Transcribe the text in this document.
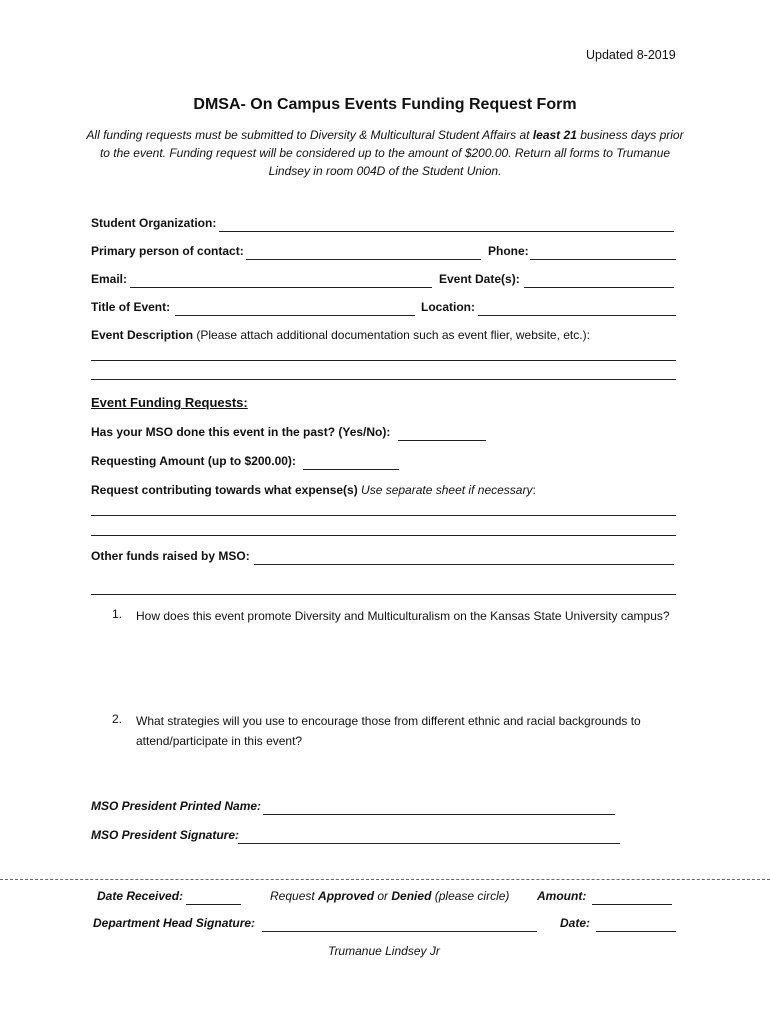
Updated 8-2019
DMSA- On Campus Events Funding Request Form
All funding requests must be submitted to Diversity & Multicultural Student Affairs at least 21 business days prior to the event. Funding request will be considered up to the amount of $200.00. Return all forms to Trumanue Lindsey in room 004D of the Student Union.
Student Organization:
Primary person of contact:	Phone:
Email:	Event Date(s):
Title of Event:	Location:
Event Description (Please attach additional documentation such as event flier, website, etc.):
Event Funding Requests:
Has your MSO done this event in the past? (Yes/No):
Requesting Amount (up to $200.00):
Request contributing towards what expense(s) Use separate sheet if necessary:
Other funds raised by MSO:
1. How does this event promote Diversity and Multiculturalism on the Kansas State University campus?
2. What strategies will you use to encourage those from different ethnic and racial backgrounds to attend/participate in this event?
MSO President Printed Name:
MSO President Signature:
Date Received:	Request Approved or Denied (please circle) Amount:
Department Head Signature:	Date:
Trumanue Lindsey Jr
